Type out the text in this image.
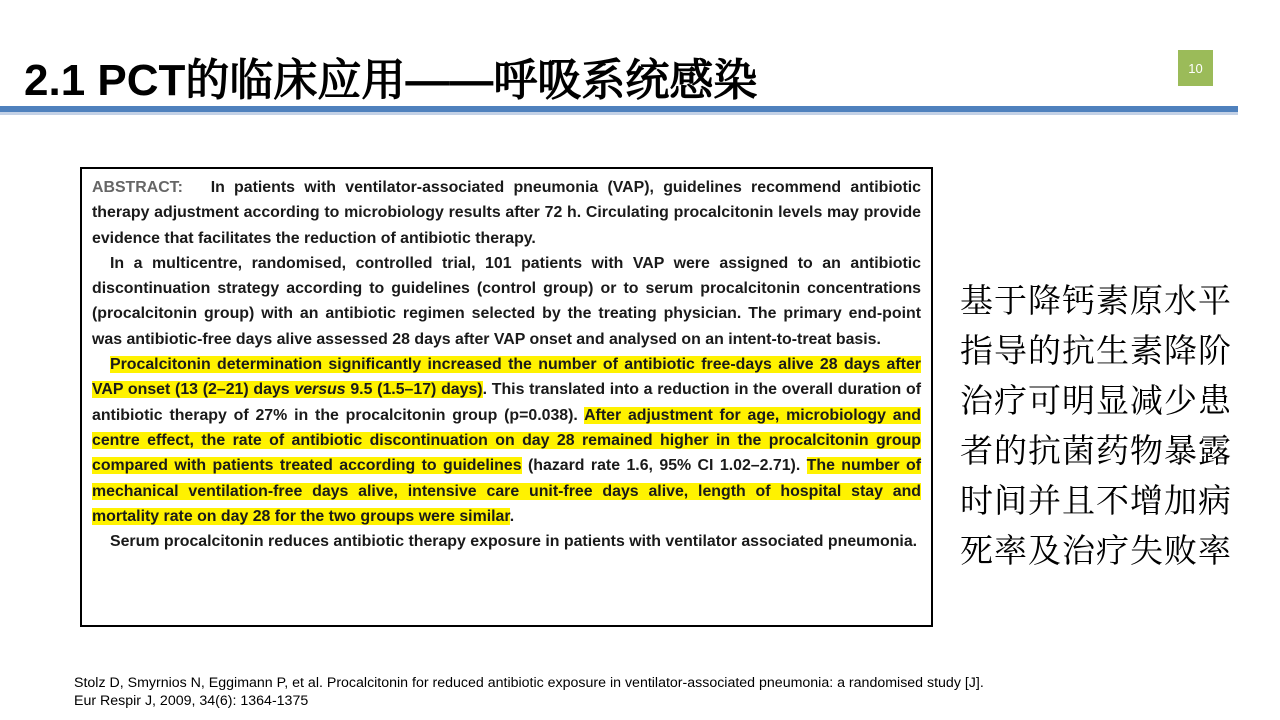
2.1 PCT的临床应用——呼吸系统感染	10

ABSTRACT: In patients with ventilator-associated pneumonia (VAP), guidelines recommend antibiotic therapy adjustment according to microbiology results after 72 h. Circulating procalcitonin levels may provide evidence that facilitates the reduction of antibiotic therapy.

In a multicentre, randomised, controlled trial, 101 patients with VAP were assigned to an antibiotic discontinuation strategy according to guidelines (control group) or to serum procalcitonin concentrations (procalcitonin group) with an antibiotic regimen selected by the treating physician. The primary end-point was antibiotic-free days alive assessed 28 days after VAP onset and analysed on an intent-to-treat basis.

Procalcitonin determination significantly increased the number of antibiotic free-days alive 28 days after VAP onset (13 (2–21) days versus 9.5 (1.5–17) days). This translated into a reduction in the overall duration of antibiotic therapy of 27% in the procalcitonin group (p=0.038). After adjustment for age, microbiology and centre effect, the rate of antibiotic discontinuation on day 28 remained higher in the procalcitonin group compared with patients treated according to guidelines (hazard rate 1.6, 95% CI 1.02–2.71). The number of mechanical ventilation-free days alive, intensive care unit-free days alive, length of hospital stay and mortality rate on day 28 for the two groups were similar.

Serum procalcitonin reduces antibiotic therapy exposure in patients with ventilator associated pneumonia.

基于降钙素原水平
指导的抗生素降阶
治疗可明显减少患
者的抗菌药物暴露
时间并且不增加病
死率及治疗失败率
Stolz D, Smyrnios N, Eggimann P, et al. Procalcitonin for reduced antibiotic exposure in ventilator-associated pneumonia: a randomised study [J].
Eur Respir J, 2009, 34(6): 1364-1375
